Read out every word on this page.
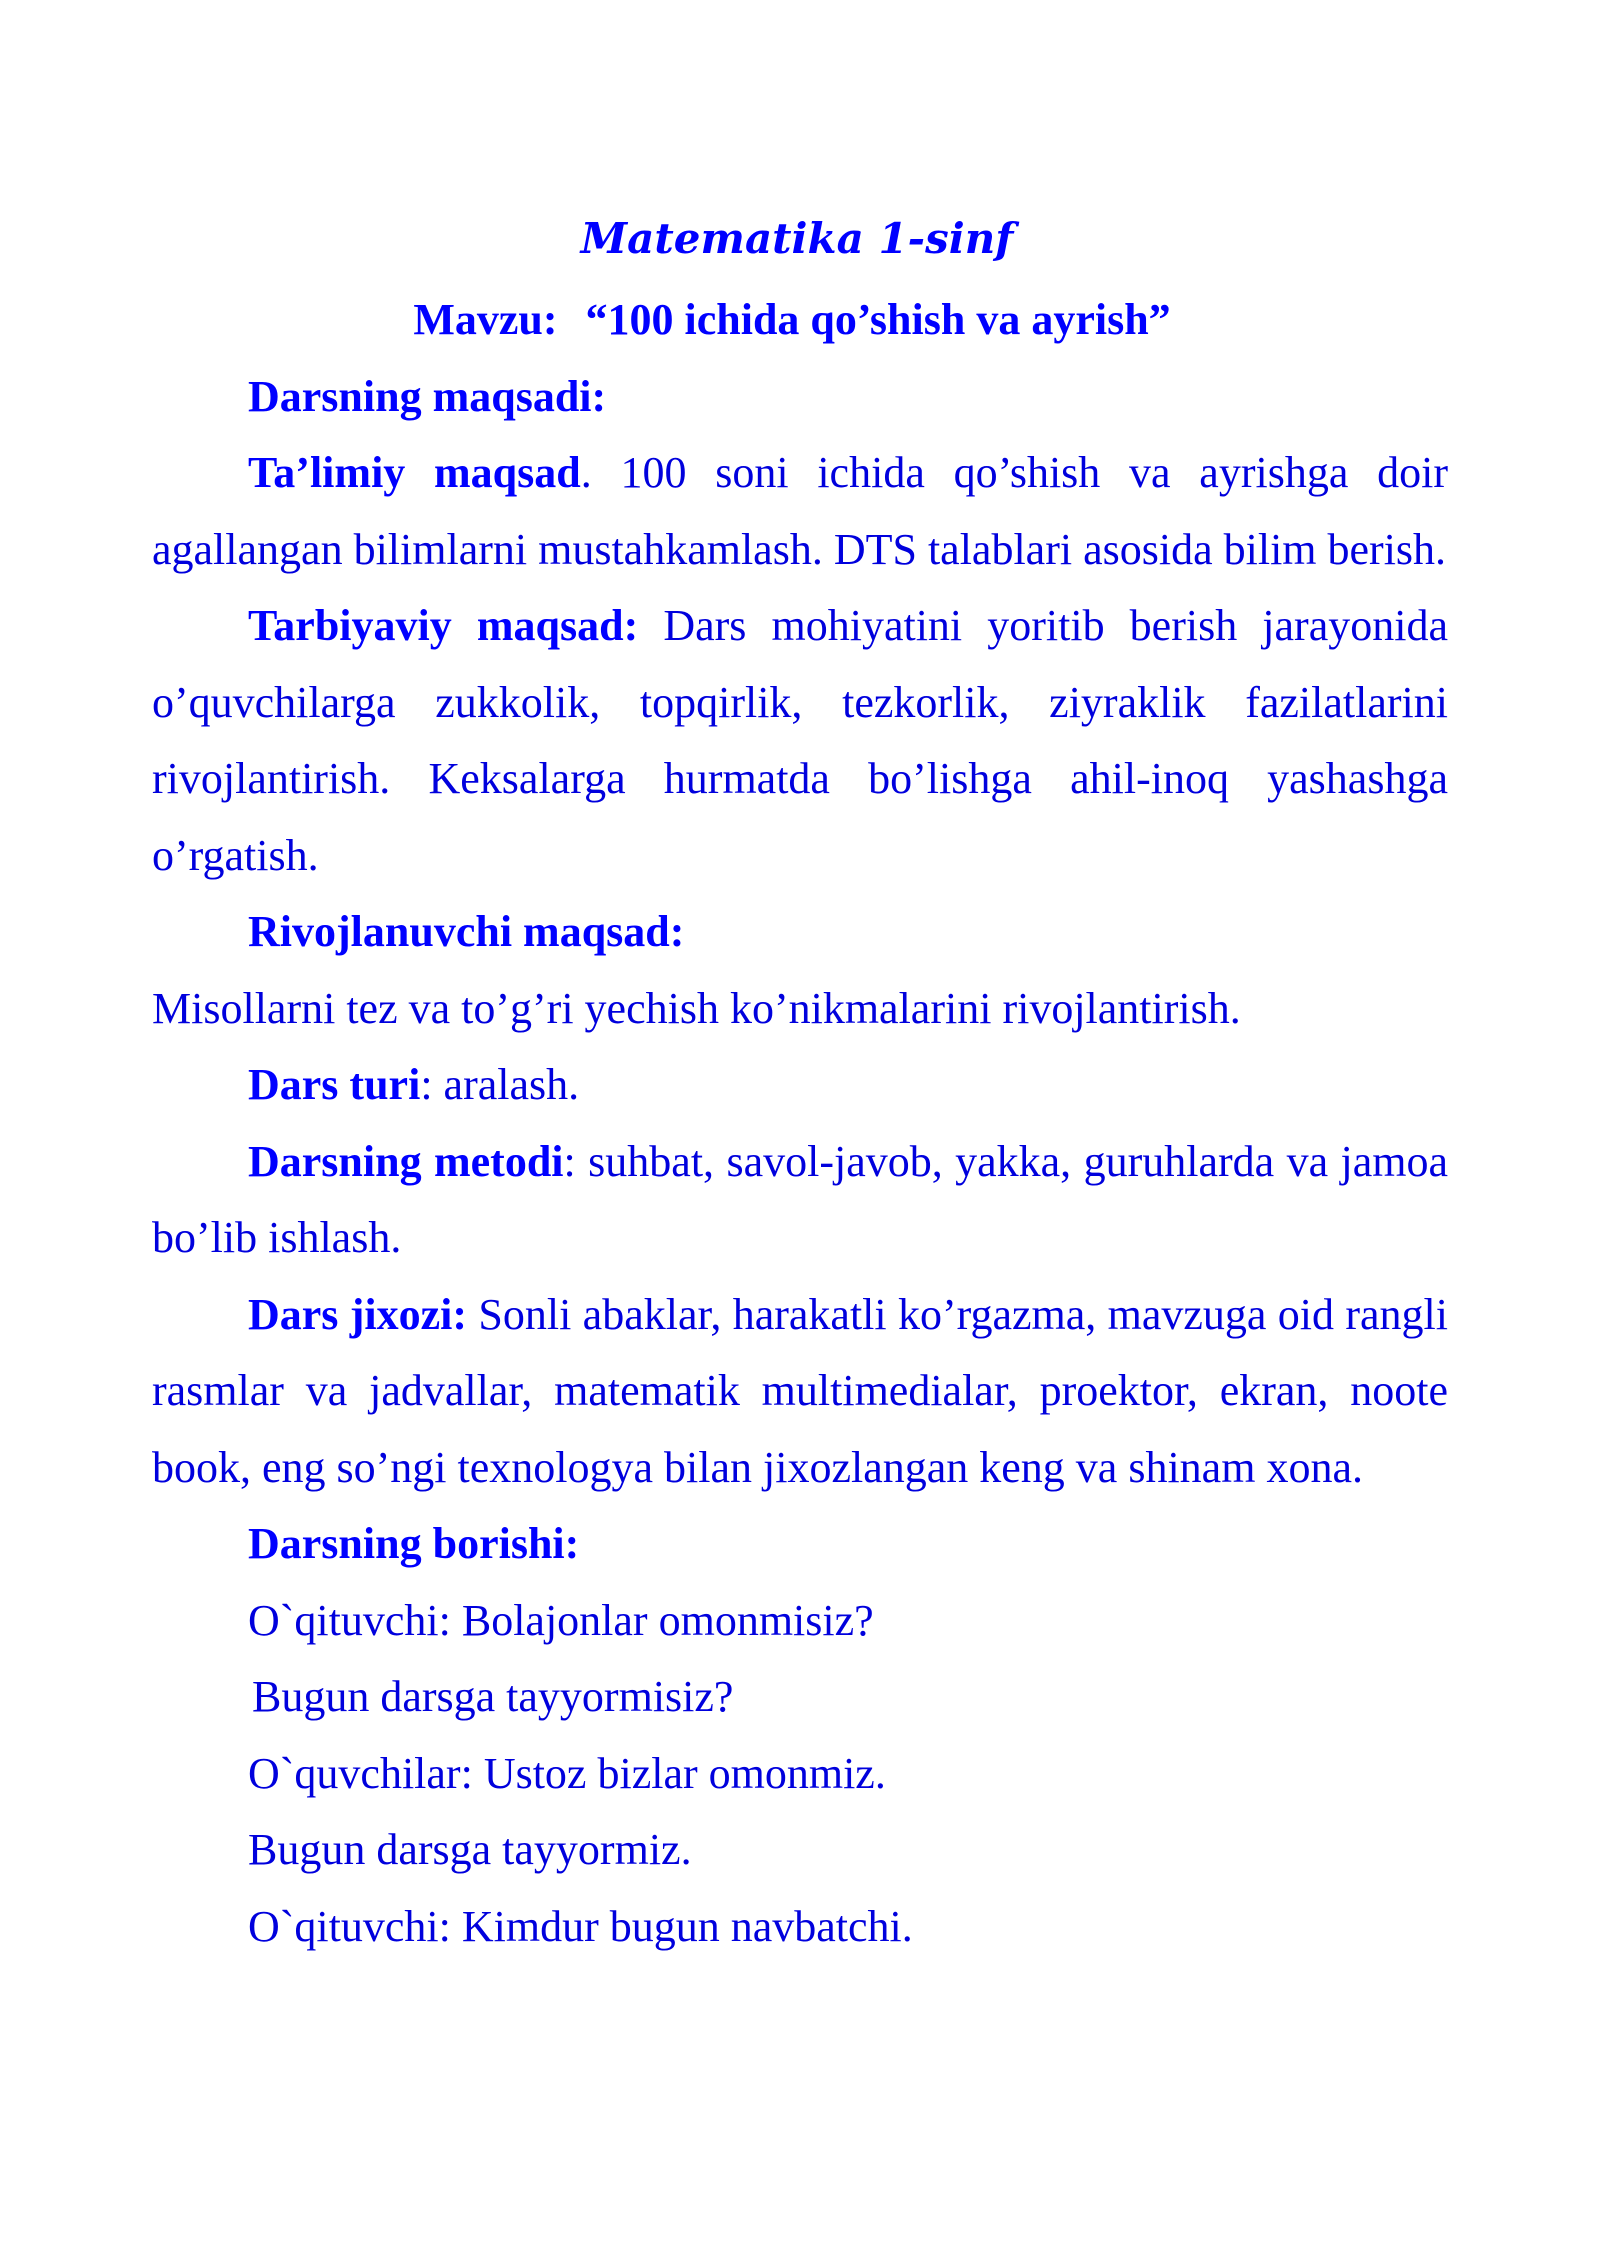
Matematika 1-sinf
Mavzu: “100 ichida qo’shish va ayrish”

Darsning maqsadi:

Ta’limiy maqsad. 100 soni ichida qo’shish va ayrishga doir agallangan bilimlarni mustahkamlash. DTS talablari asosida bilim berish.

Tarbiyaviy maqsad: Dars mohiyatini yoritib berish jarayonida o’quvchilarga zukkolik, topqirlik, tezkorlik, ziyraklik fazilatlarini rivojlantirish. Keksalarga hurmatda bo’lishga ahil-inoq yashashga o’rgatish.

Rivojlanuvchi maqsad:

Misollarni tez va to’g’ri yechish ko’nikmalarini rivojlantirish.

Dars turi: aralash.

Darsning metodi: suhbat, savol-javob, yakka, guruhlarda va jamoa bo’lib ishlash.

Dars jixozi: Sonli abaklar, harakatli ko’rgazma, mavzuga oid rangli rasmlar va jadvallar, matematik multimedialar, proektor, ekran, noote book, eng so’ngi texnologya bilan jixozlangan keng va shinam xona.

Darsning borishi:

O`qituvchi: Bolajonlar omonmisiz?

Bugun darsga tayyormisiz?

O`quvchilar: Ustoz bizlar omonmiz.

Bugun darsga tayyormiz.

O`qituvchi: Kimdur bugun navbatchi.
